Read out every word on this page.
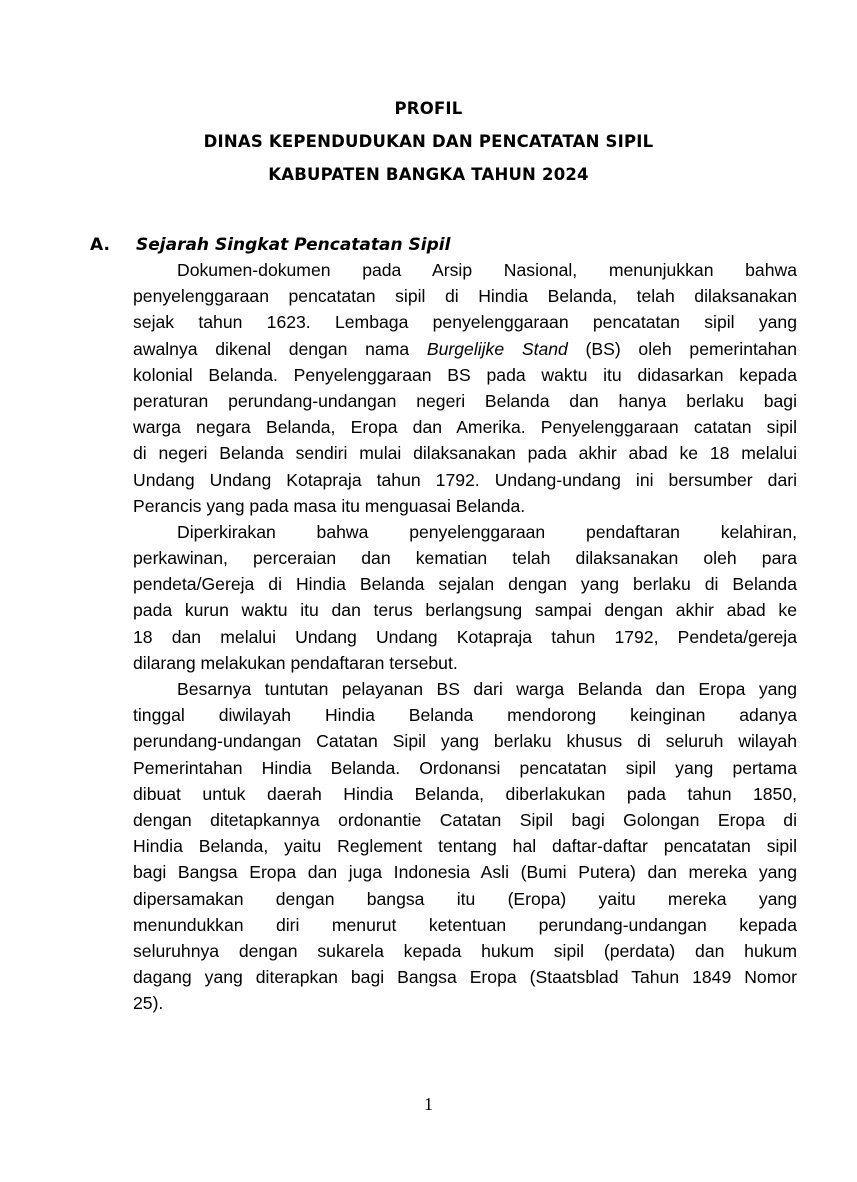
PROFIL
DINAS KEPENDUDUKAN DAN PENCATATAN SIPIL
KABUPATEN BANGKA TAHUN 2024
A. Sejarah Singkat Pencatatan Sipil
Dokumen-dokumen pada Arsip Nasional, menunjukkan bahwa
penyelenggaraan pencatatan sipil di Hindia Belanda, telah dilaksanakan
sejak tahun 1623. Lembaga penyelenggaraan pencatatan sipil yang
awalnya dikenal dengan nama Burgelijke Stand (BS) oleh pemerintahan
kolonial Belanda. Penyelenggaraan BS pada waktu itu didasarkan kepada
peraturan perundang-undangan negeri Belanda dan hanya berlaku bagi
warga negara Belanda, Eropa dan Amerika. Penyelenggaraan catatan sipil
di negeri Belanda sendiri mulai dilaksanakan pada akhir abad ke 18 melalui
Undang Undang Kotapraja tahun 1792. Undang-undang ini bersumber dari
Perancis yang pada masa itu menguasai Belanda.
Diperkirakan bahwa penyelenggaraan pendaftaran kelahiran,
perkawinan, perceraian dan kematian telah dilaksanakan oleh para
pendeta/Gereja di Hindia Belanda sejalan dengan yang berlaku di Belanda
pada kurun waktu itu dan terus berlangsung sampai dengan akhir abad ke
18 dan melalui Undang Undang Kotapraja tahun 1792, Pendeta/gereja
dilarang melakukan pendaftaran tersebut.
Besarnya tuntutan pelayanan BS dari warga Belanda dan Eropa yang
tinggal diwilayah Hindia Belanda mendorong keinginan adanya
perundang-undangan Catatan Sipil yang berlaku khusus di seluruh wilayah
Pemerintahan Hindia Belanda. Ordonansi pencatatan sipil yang pertama
dibuat untuk daerah Hindia Belanda, diberlakukan pada tahun 1850,
dengan ditetapkannya ordonantie Catatan Sipil bagi Golongan Eropa di
Hindia Belanda, yaitu Reglement tentang hal daftar-daftar pencatatan sipil
bagi Bangsa Eropa dan juga Indonesia Asli (Bumi Putera) dan mereka yang
dipersamakan dengan bangsa itu (Eropa) yaitu mereka yang
menundukkan diri menurut ketentuan perundang-undangan kepada
seluruhnya dengan sukarela kepada hukum sipil (perdata) dan hukum
dagang yang diterapkan bagi Bangsa Eropa (Staatsblad Tahun 1849 Nomor
25).
1
